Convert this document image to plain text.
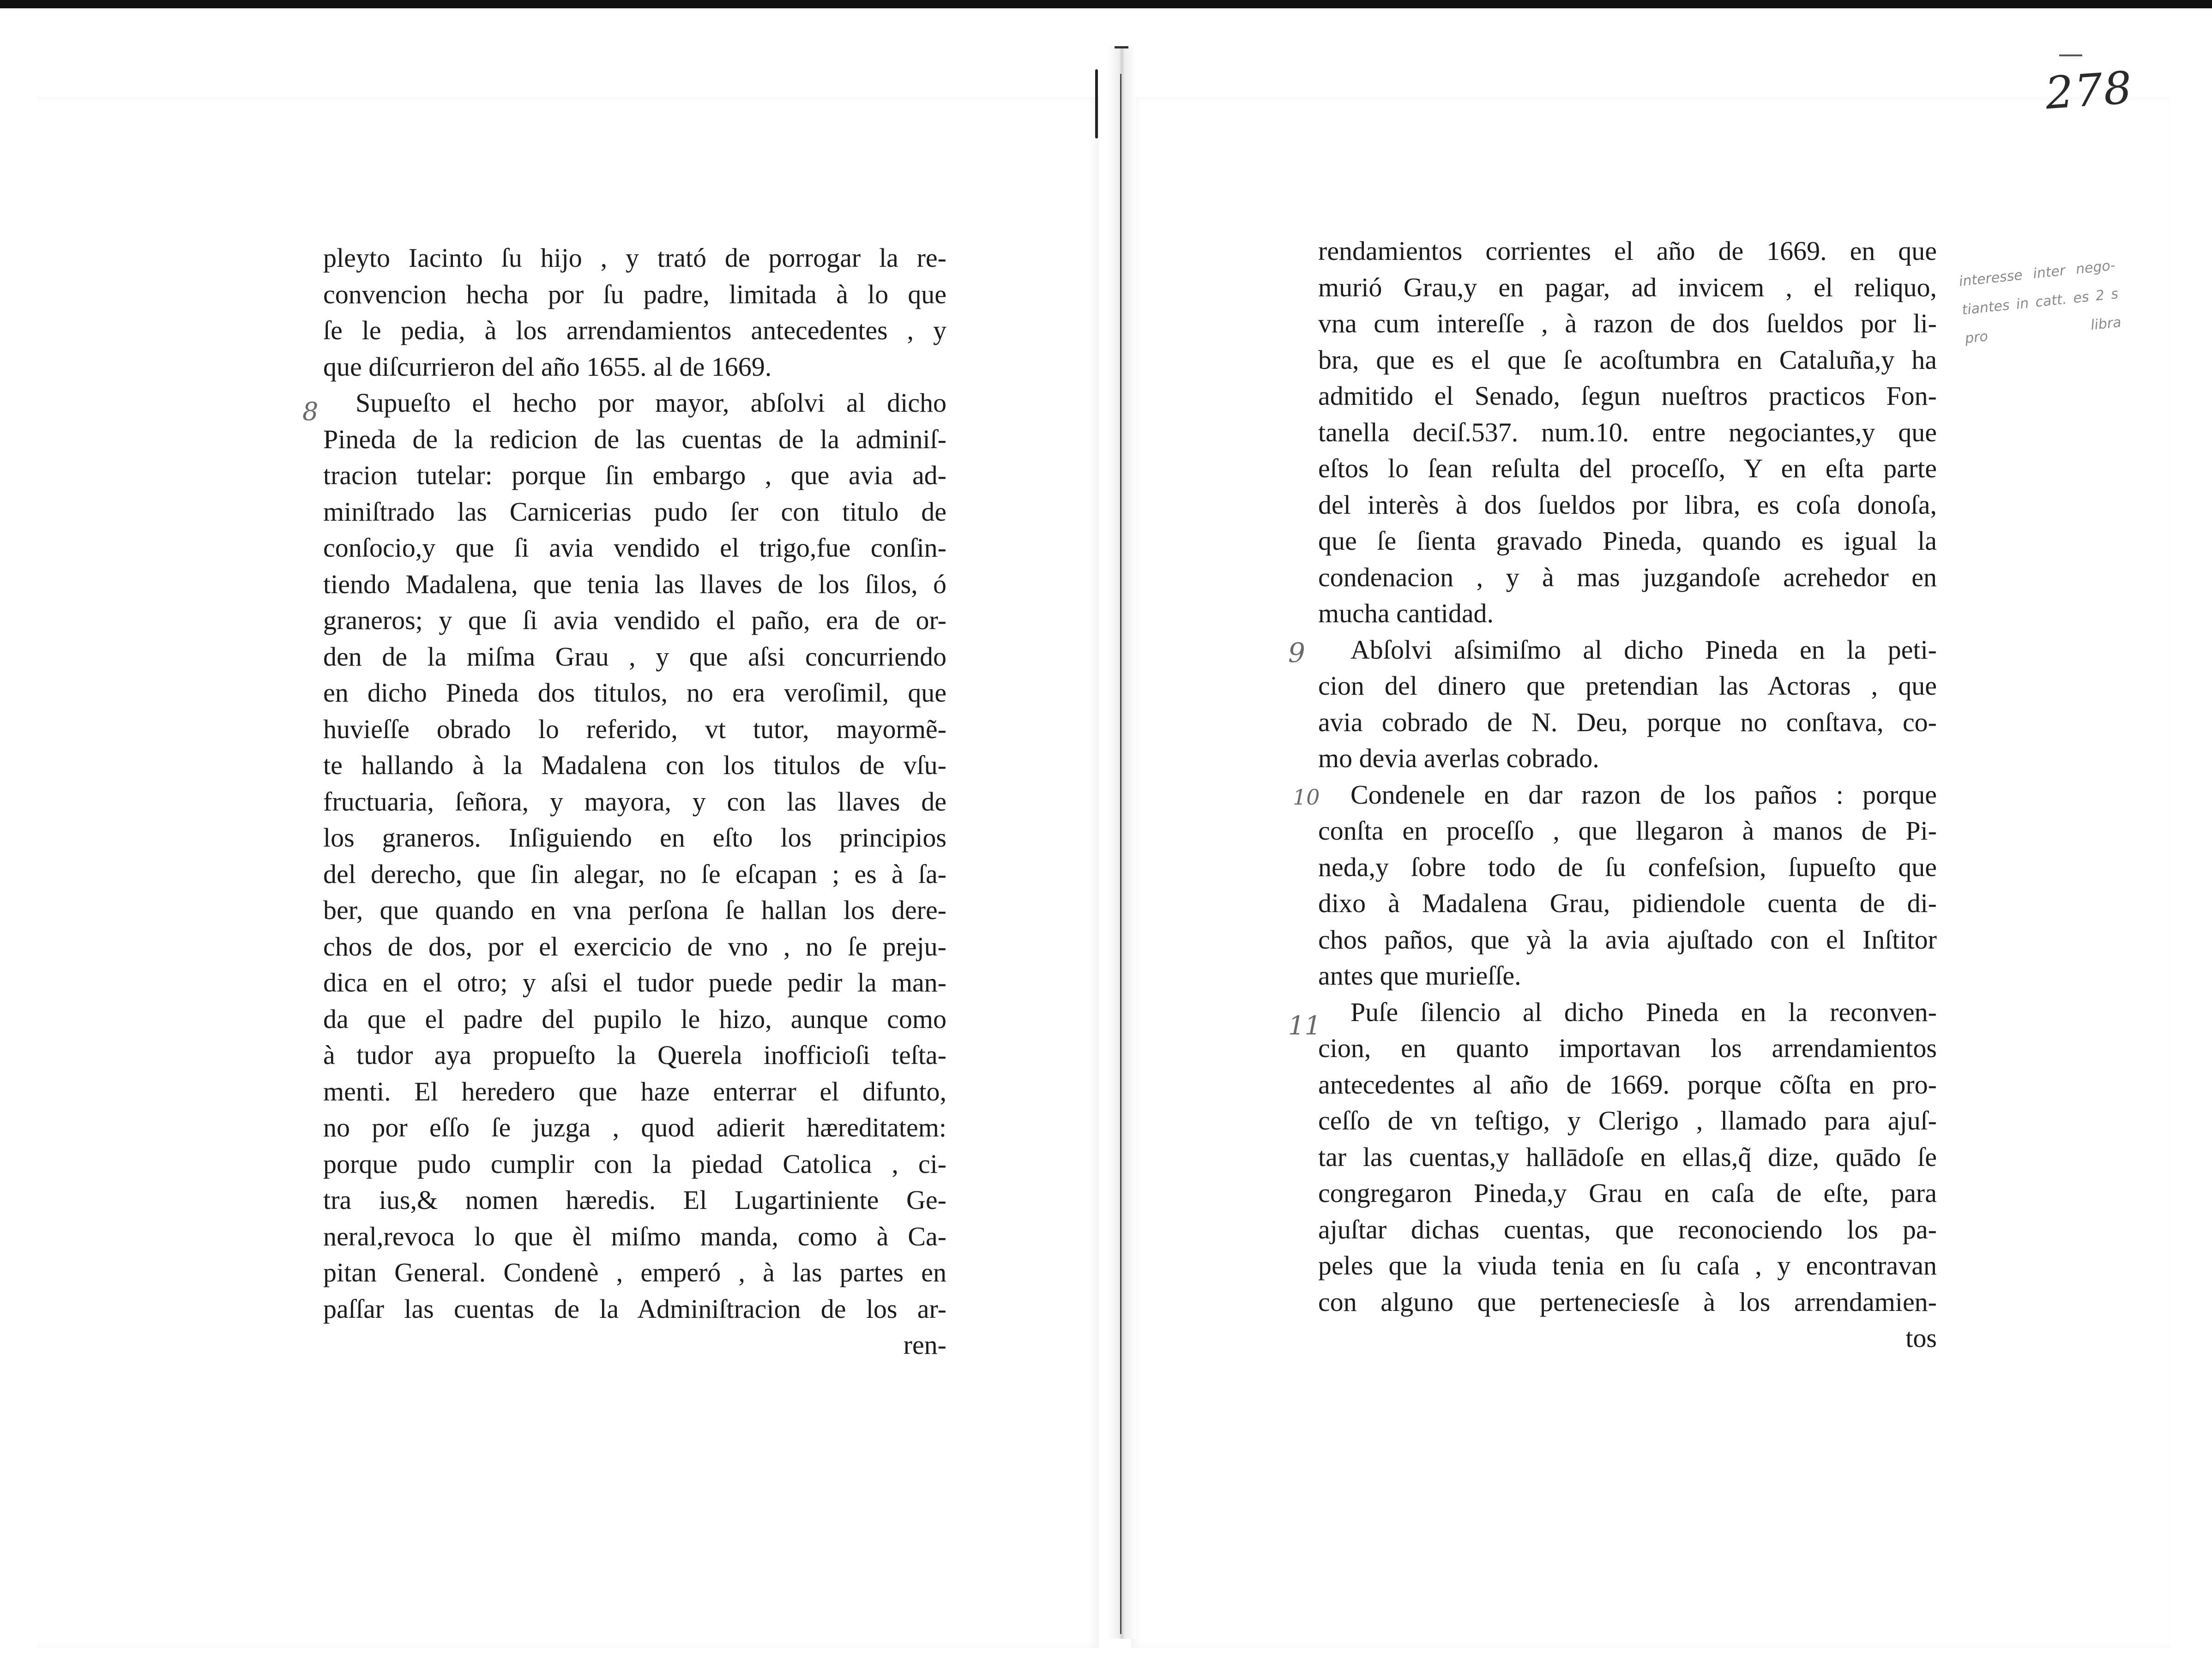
278
8
9
10
11
interesse inter nego-
tiantes in catt. es 2 s
pro libra
pleyto Iacinto ſu hijo , y trató de porrogar la re-
convencion hecha por ſu padre, limitada à lo que
ſe le pedia, à los arrendamientos antecedentes , y
que diſcurrieron del año 1655. al de 1669.
Supueſto el hecho por mayor, abſolvi al dicho
Pineda de la redicion de las cuentas de la adminiſ-
tracion tutelar: porque ſin embargo , que avia ad-
miniſtrado las Carnicerias pudo ſer con titulo de
conſocio,y que ſi avia vendido el trigo,fue conſin-
tiendo Madalena, que tenia las llaves de los ſilos, ó
graneros; y que ſi avia vendido el paño, era de or-
den de la miſma Grau , y que aſsi concurriendo
en dicho Pineda dos titulos, no era veroſimil, que
huvieſſe obrado lo referido, vt tutor, mayormẽ-
te hallando à la Madalena con los titulos de vſu-
fructuaria, ſeñora, y mayora, y con las llaves de
los graneros. Inſiguiendo en eſto los principios
del derecho, que ſin alegar, no ſe eſcapan ; es à ſa-
ber, que quando en vna perſona ſe hallan los dere-
chos de dos, por el exercicio de vno , no ſe preju-
dica en el otro; y aſsi el tudor puede pedir la man-
da que el padre del pupilo le hizo, aunque como
à tudor aya propueſto la Querela inofficioſi teſta-
menti. El heredero que haze enterrar el difunto,
no por eſſo ſe juzga , quod adierit hæreditatem:
porque pudo cumplir con la piedad Catolica , ci-
tra ius,& nomen hæredis. El Lugartiniente Ge-
neral,revoca lo que èl miſmo manda, como à Ca-
pitan General. Condenè , emperó , à las partes en
paſſar las cuentas de la Adminiſtracion de los ar-
ren-
rendamientos corrientes el año de 1669. en que
murió Grau,y en pagar, ad invicem , el reliquo,
vna cum intereſſe , à razon de dos ſueldos por li-
bra, que es el que ſe acoſtumbra en Cataluña,y ha
admitido el Senado, ſegun nueſtros practicos Fon-
tanella deciſ.537. num.10. entre negociantes,y que
eſtos lo ſean reſulta del proceſſo, Y en eſta parte
del interès à dos ſueldos por libra, es coſa donoſa,
que ſe ſienta gravado Pineda, quando es igual la
condenacion , y à mas juzgandoſe acrehedor en
mucha cantidad.
Abſolvi aſsimiſmo al dicho Pineda en la peti-
cion del dinero que pretendian las Actoras , que
avia cobrado de N. Deu, porque no conſtava, co-
mo devia averlas cobrado.
Condenele en dar razon de los paños : porque
conſta en proceſſo , que llegaron à manos de Pi-
neda,y ſobre todo de ſu confeſsion, ſupueſto que
dixo à Madalena Grau, pidiendole cuenta de di-
chos paños, que yà la avia ajuſtado con el Inſtitor
antes que murieſſe.
Puſe ſilencio al dicho Pineda en la reconven-
cion, en quanto importavan los arrendamientos
antecedentes al año de 1669. porque cõſta en pro-
ceſſo de vn teſtigo, y Clerigo , llamado para ajuſ-
tar las cuentas,y hallādoſe en ellas,q̃ dize, quādo ſe
congregaron Pineda,y Grau en caſa de eſte, para
ajuſtar dichas cuentas, que reconociendo los pa-
peles que la viuda tenia en ſu caſa , y encontravan
con alguno que perteneciesſe à los arrendamien-
tos
